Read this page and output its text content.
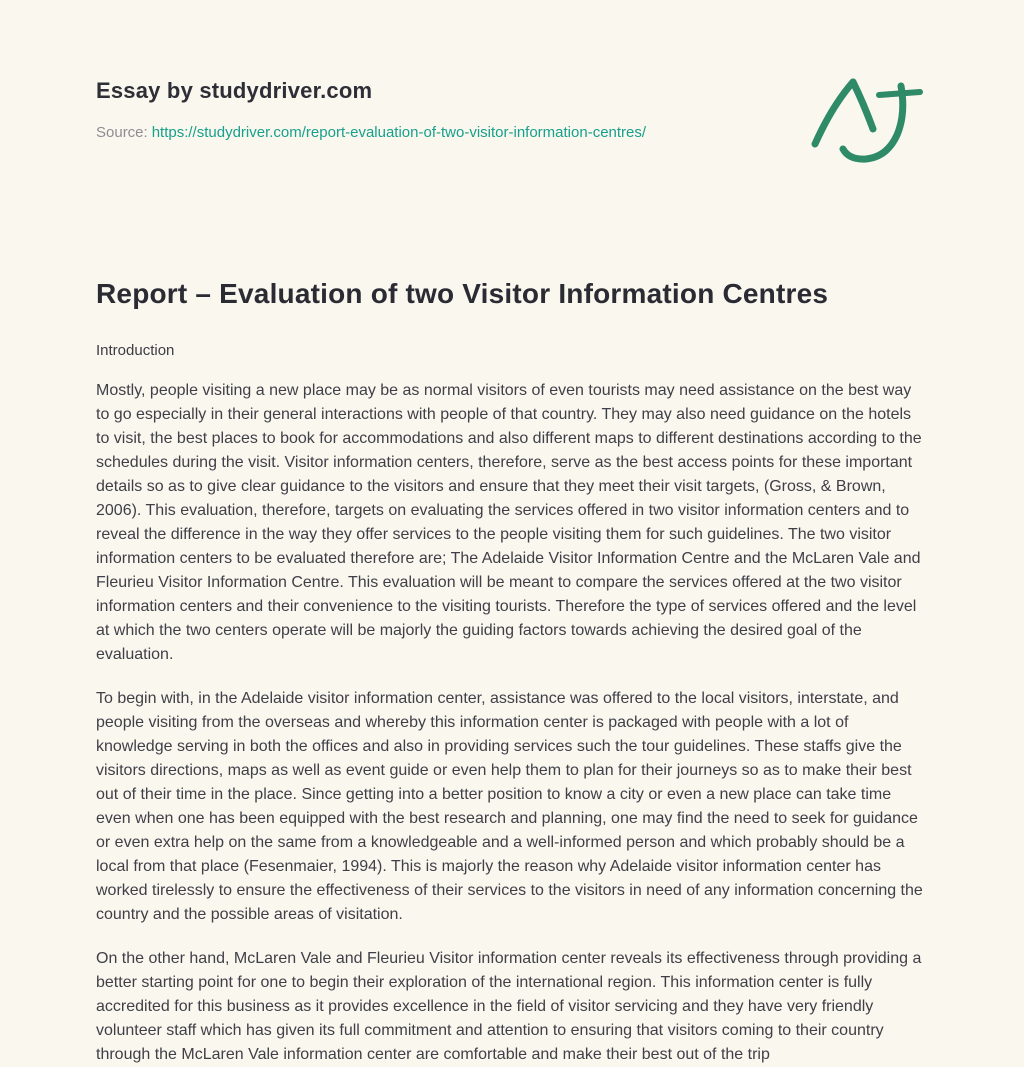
Essay by studydriver.com

Source: https://studydriver.com/report-evaluation-of-two-visitor-information-centres/

Report – Evaluation of two Visitor Information Centres

Introduction

Mostly, people visiting a new place may be as normal visitors of even tourists may need assistance on the best way to go especially in their general interactions with people of that country. They may also need guidance on the hotels to visit, the best places to book for accommodations and also different maps to different destinations according to the schedules during the visit. Visitor information centers, therefore, serve as the best access points for these important details so as to give clear guidance to the visitors and ensure that they meet their visit targets, (Gross, & Brown, 2006). This evaluation, therefore, targets on evaluating the services offered in two visitor information centers and to reveal the difference in the way they offer services to the people visiting them for such guidelines. The two visitor information centers to be evaluated therefore are; The Adelaide Visitor Information Centre and the McLaren Vale and Fleurieu Visitor Information Centre. This evaluation will be meant to compare the services offered at the two visitor information centers and their convenience to the visiting tourists. Therefore the type of services offered and the level at which the two centers operate will be majorly the guiding factors towards achieving the desired goal of the evaluation.

To begin with, in the Adelaide visitor information center, assistance was offered to the local visitors, interstate, and people visiting from the overseas and whereby this information center is packaged with people with a lot of knowledge serving in both the offices and also in providing services such the tour guidelines. These staffs give the visitors directions, maps as well as event guide or even help them to plan for their journeys so as to make their best out of their time in the place. Since getting into a better position to know a city or even a new place can take time even when one has been equipped with the best research and planning, one may find the need to seek for guidance or even extra help on the same from a knowledgeable and a well-informed person and which probably should be a local from that place (Fesenmaier, 1994). This is majorly the reason why Adelaide visitor information center has worked tirelessly to ensure the effectiveness of their services to the visitors in need of any information concerning the country and the possible areas of visitation.

On the other hand, McLaren Vale and Fleurieu Visitor information center reveals its effectiveness through providing a better starting point for one to begin their exploration of the international region. This information center is fully accredited for this business as it provides excellence in the field of visitor servicing and they have very friendly volunteer staff which has given its full commitment and attention to ensuring that visitors coming to their country through the McLaren Vale information center are comfortable and make their best out of the trip
